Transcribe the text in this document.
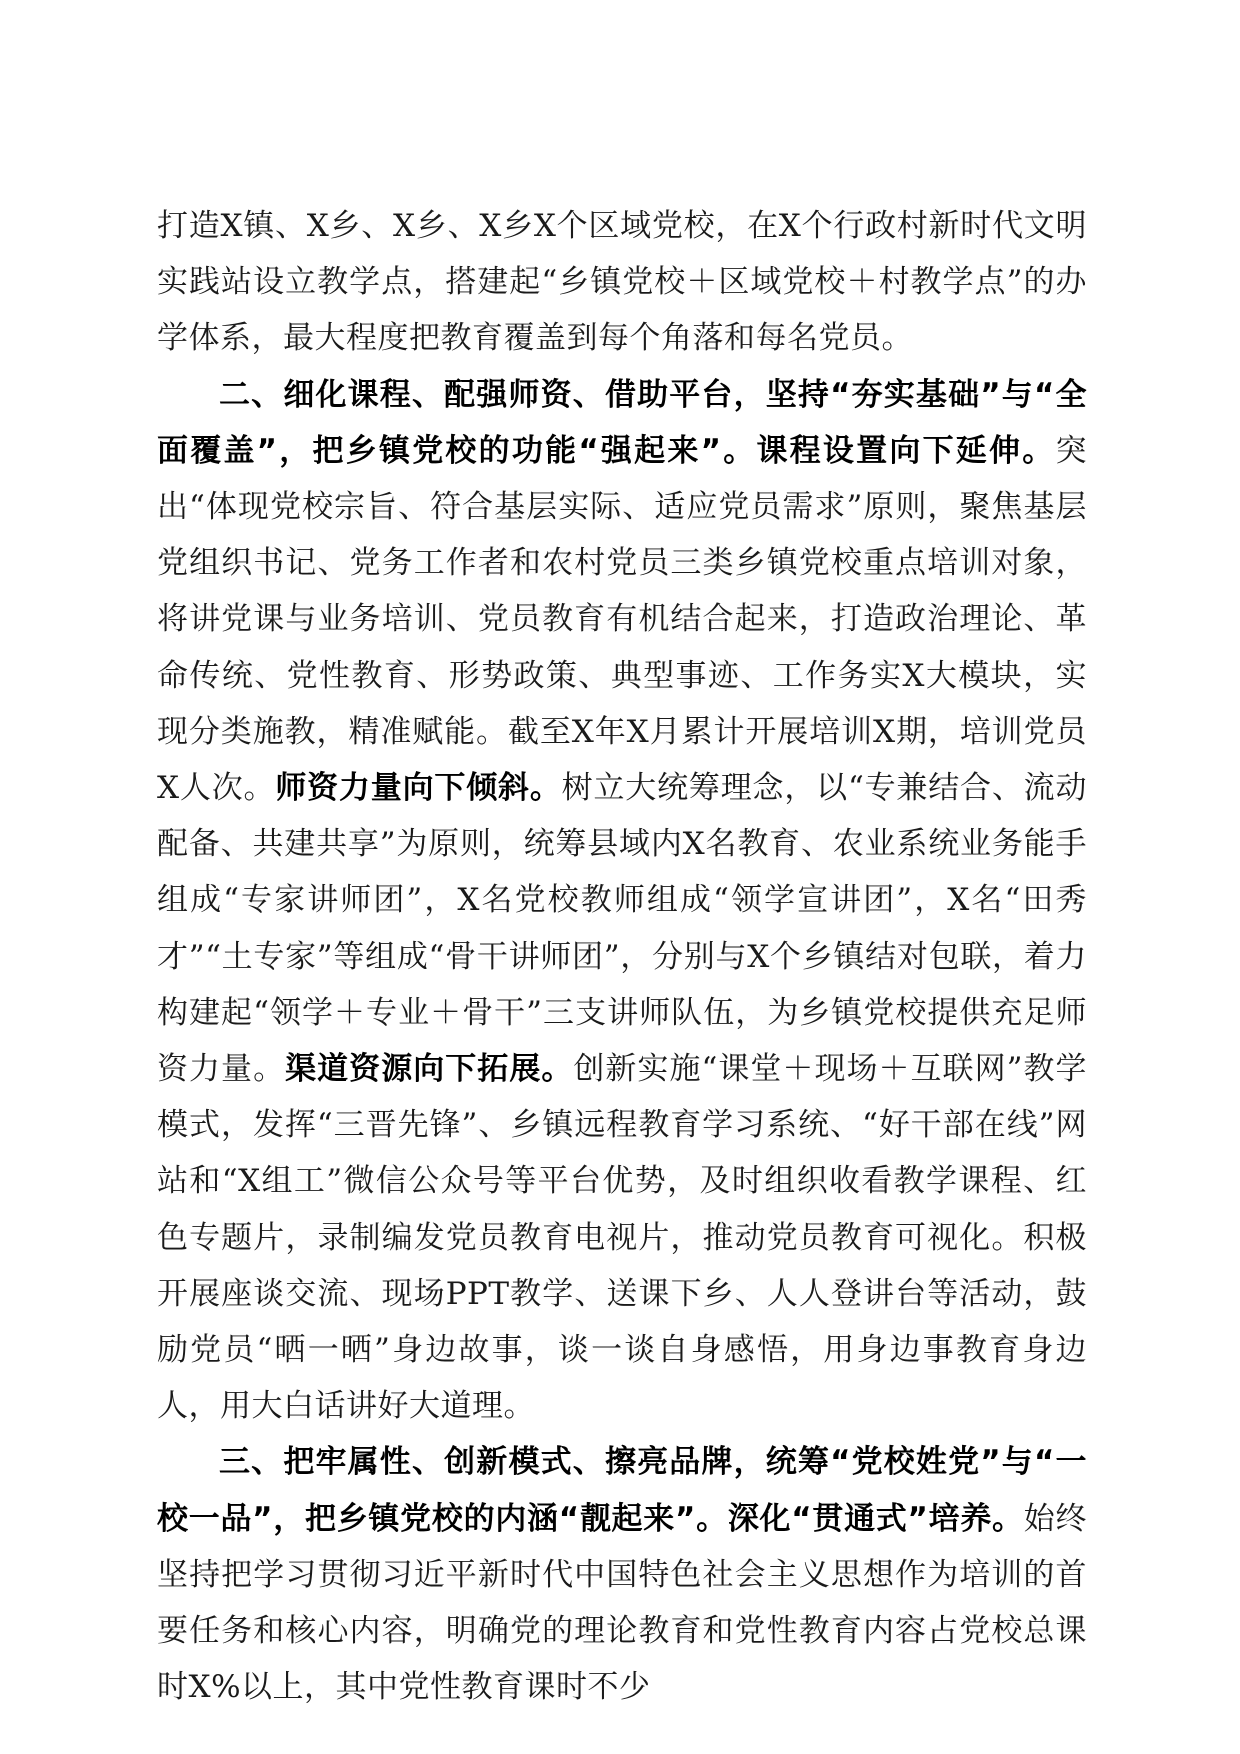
打造X镇、X乡、X乡、X乡X个区域党校，在X个行政村新时代文明实践站设立教学点，搭建起“乡镇党校＋区域党校＋村教学点”的办学体系，最大程度把教育覆盖到每个角落和每名党员。

二、细化课程、配强师资、借助平台，坚持“夯实基础”与“全面覆盖”，把乡镇党校的功能“强起来”。课程设置向下延伸。突出“体现党校宗旨、符合基层实际、适应党员需求”原则，聚焦基层党组织书记、党务工作者和农村党员三类乡镇党校重点培训对象，将讲党课与业务培训、党员教育有机结合起来，打造政治理论、革命传统、党性教育、形势政策、典型事迹、工作务实X大模块，实现分类施教，精准赋能。截至X年X月累计开展培训X期，培训党员X人次。师资力量向下倾斜。树立大统筹理念，以“专兼结合、流动配备、共建共享”为原则，统筹县域内X名教育、农业系统业务能手组成“专家讲师团”，X名党校教师组成“领学宣讲团”，X名“田秀才”“土专家”等组成“骨干讲师团”，分别与X个乡镇结对包联，着力构建起“领学＋专业＋骨干”三支讲师队伍，为乡镇党校提供充足师资力量。渠道资源向下拓展。创新实施“课堂＋现场＋互联网”教学模式，发挥“三晋先锋”、乡镇远程教育学习系统、“好干部在线”网站和“X组工”微信公众号等平台优势，及时组织收看教学课程、红色专题片，录制编发党员教育电视片，推动党员教育可视化。积极开展座谈交流、现场PPT教学、送课下乡、人人登讲台等活动，鼓励党员“晒一晒”身边故事，谈一谈自身感悟，用身边事教育身边人，用大白话讲好大道理。

三、把牢属性、创新模式、擦亮品牌，统筹“党校姓党”与“一校一品”，把乡镇党校的内涵“靓起来”。深化“贯通式”培养。始终坚持把学习贯彻习近平新时代中国特色社会主义思想作为培训的首要任务和核心内容，明确党的理论教育和党性教育内容占党校总课时X%以上，其中党性教育课时不少
